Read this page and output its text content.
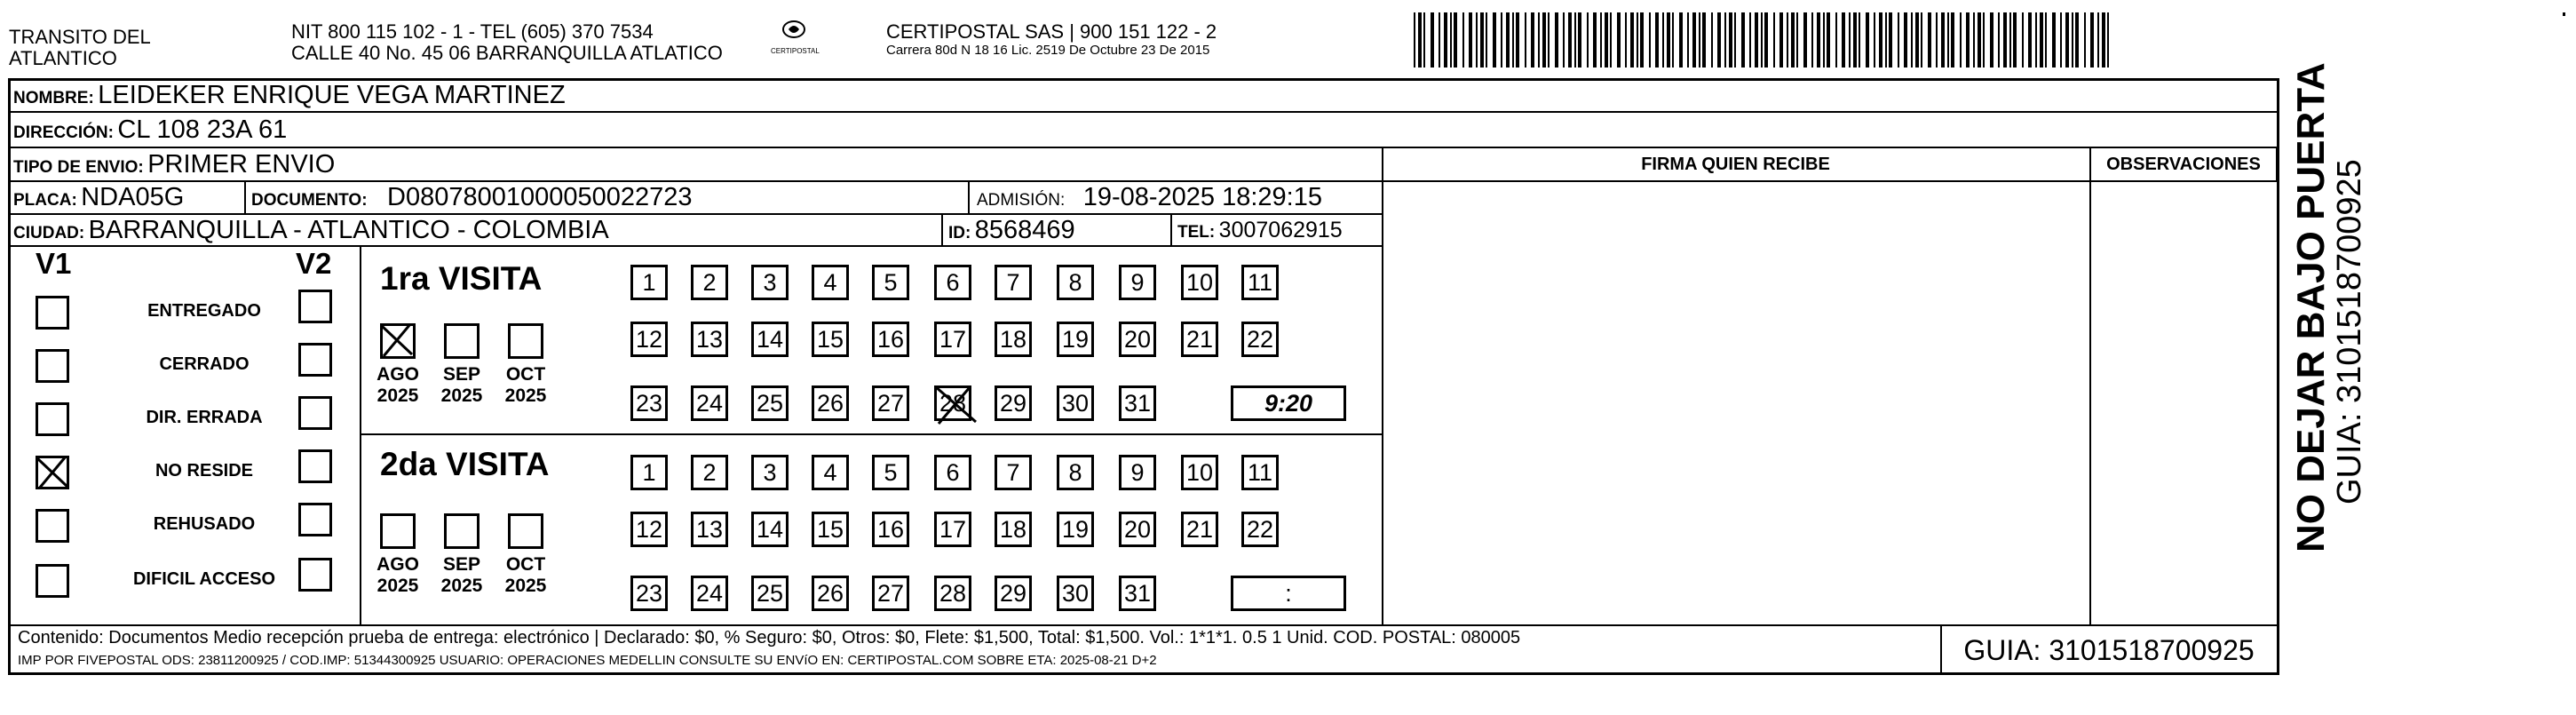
TRANSITO DEL
ATLANTICO
NIT 800 115 102 - 1 - TEL (605) 370 7534
CALLE 40 No. 45 06 BARRANQUILLA ATLATICO	CERTIPOSTAL
CERTIPOSTAL SAS | 900 151 122 - 2
Carrera 80d N 18 16 Lic. 2519 De Octubre 23 De 2015
NOMBRE: LEIDEKER ENRIQUE VEGA MARTINEZ
DIRECCIÓN: CL 108 23A 61
TIPO DE ENVIO: PRIMER ENVIO
PLACA: NDA05G	DOCUMENTO: D08078001000050022723	ADMISIÓN: 19-08-2025 18:29:15
CIUDAD: BARRANQUILLA - ATLANTICO - COLOMBIA	ID: 8568469	TEL: 3007062915
FIRMA QUIEN RECIBE	OBSERVACIONES NO DEJAR BAJO PUERTA
GUIA: 3101518700925
V1	V2
ENTREGADO
CERRADO
DIR. ERRADA
NO RESIDE
REHUSADO
DIFICIL ACCESO
1ra VISITA
2da VISITA
AGO
2025
SEP
2025
OCT
2025
1	2	3	4	5	6	7	8	9	10 11
12 13 14 15 16 17 18 19 20 21 22
23 24 25 26 27 28 29 30 31	9:20
AGO
2025
SEP
2025
OCT
2025
1	2	3	4	5	6	7	8	9	10 11
12 13 14 15 16 17 18 19 20 21 22
23 24 25 26 27 28 29 30 31	:
Contenido: Documentos Medio recepción prueba de entrega: electrónico | Declarado: $0, % Seguro: $0, Otros: $0, Flete: $1,500, Total: $1,500. Vol.: 1*1*1. 0.5 1 Unid. COD. POSTAL: 080005
IMP POR FIVEPOSTAL ODS: 23811200925 / COD.IMP: 51344300925 USUARIO: OPERACIONES MEDELLIN CONSULTE SU ENVíO EN: CERTIPOSTAL.COM SOBRE ETA: 2025-08-21 D+2	GUIA: 3101518700925
